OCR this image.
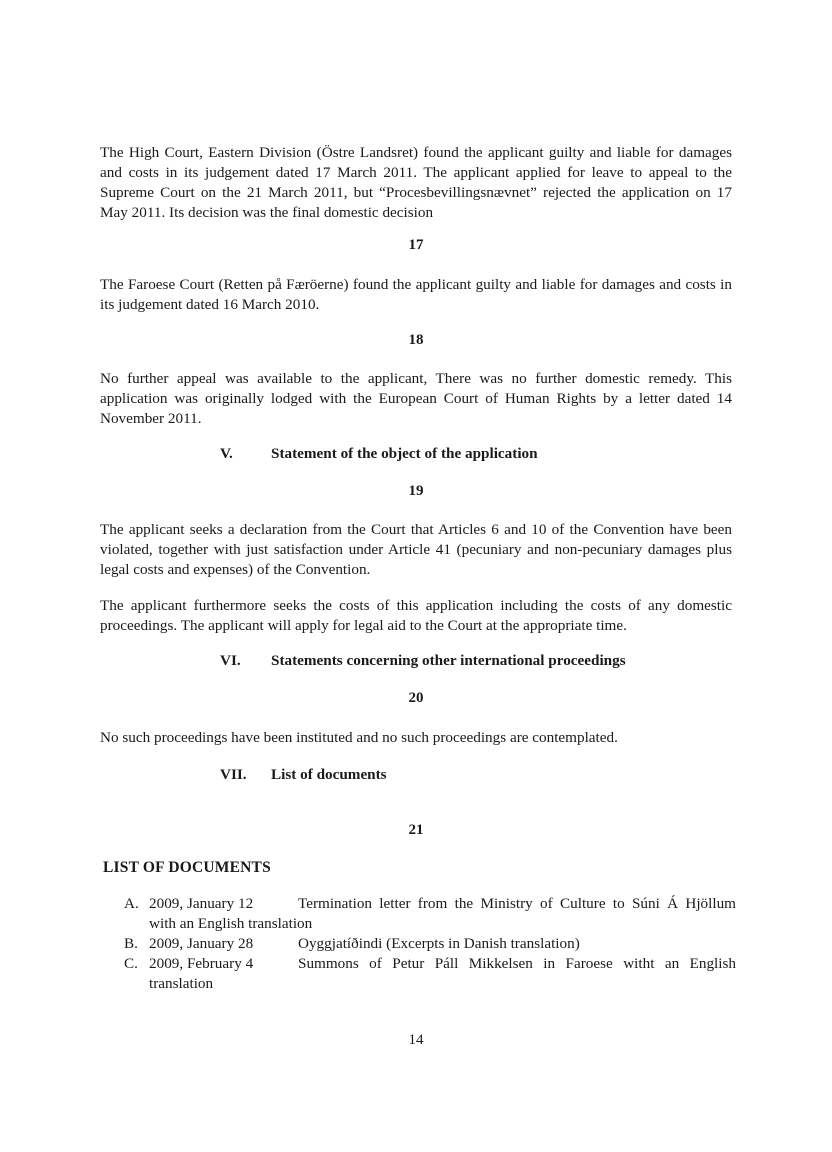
The High Court, Eastern Division (Östre Landsret) found the applicant guilty and liable for damages and costs in its judgement dated 17 March 2011. The applicant applied for leave to appeal to the Supreme Court on the 21 March 2011, but “Procesbevillingsnævnet” rejected the application on 17 May 2011. Its decision was the final domestic decision

17

The Faroese Court (Retten på Færöerne) found the applicant guilty and liable for damages and costs in its judgement dated 16 March 2010.

18

No further appeal was available to the applicant, There was no further domestic remedy. This application was originally lodged with the European Court of Human Rights by a letter dated 14 November 2011.

V.	Statement of the object of the application

19

The applicant seeks a declaration from the Court that Articles 6 and 10 of the Convention have been violated, together with just satisfaction under Article 41 (pecuniary and non-pecuniary damages plus legal costs and expenses) of the Convention.

The applicant furthermore seeks the costs of this application including the costs of any domestic proceedings. The applicant will apply for legal aid to the Court at the appropriate time.

VI. Statements concerning other international proceedings

20

No such proceedings have been instituted and no such proceedings are contemplated.

VII. List of documents

21

LIST OF DOCUMENTS

A. 2009, January 12	Termination letter from the Ministry of Culture to Súni Á Hjöllum
with an English translation
B. 2009, January 28	Oyggjatíðindi (Excerpts in Danish translation)
C. 2009, February 4	Summons of Petur Páll Mikkelsen in Faroese witht an English
translation
14
